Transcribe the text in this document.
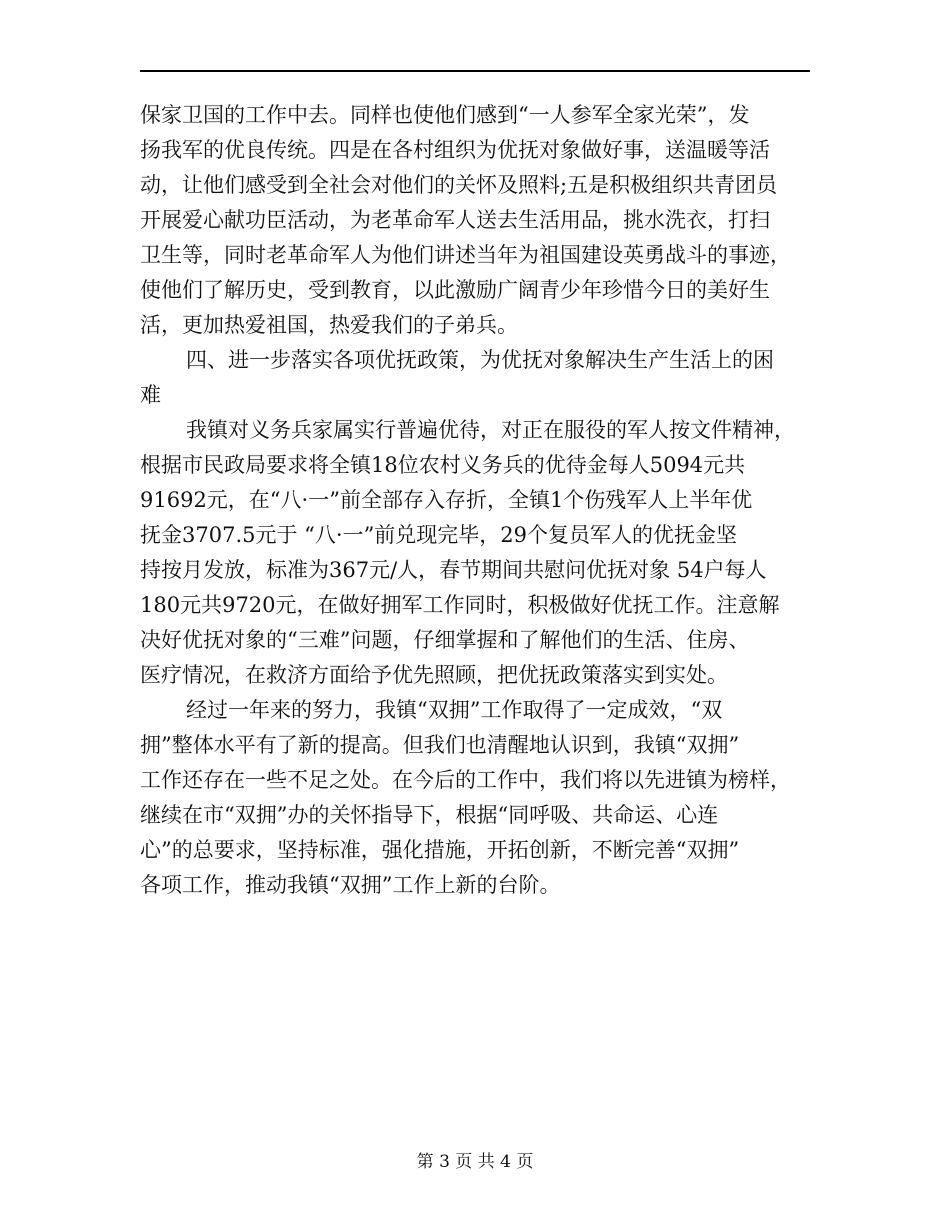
保家卫国的工作中去。同样也使他们感到“一人参军全家光荣”，发
扬我军的优良传统。四是在各村组织为优抚对象做好事，送温暖等活
动，让他们感受到全社会对他们的关怀及照料;五是积极组织共青团员
开展爱心献功臣活动，为老革命军人送去生活用品，挑水洗衣，打扫
卫生等，同时老革命军人为他们讲述当年为祖国建设英勇战斗的事迹，
使他们了解历史，受到教育，以此激励广阔青少年珍惜今日的美好生
活，更加热爱祖国，热爱我们的子弟兵。
四、进一步落实各项优抚政策，为优抚对象解决生产生活上的困
难
我镇对义务兵家属实行普遍优待，对正在服役的军人按文件精神，
根据市民政局要求将全镇18位农村义务兵的优待金每人5094元共
91692元，在“八·一”前全部存入存折，全镇1个伤残军人上半年优
抚金3707.5元于 “八·一”前兑现完毕，29个复员军人的优抚金坚
持按月发放，标准为367元/人，春节期间共慰问优抚对象 54户每人
180元共9720元，在做好拥军工作同时，积极做好优抚工作。注意解
决好优抚对象的“三难”问题，仔细掌握和了解他们的生活、住房、
医疗情况，在救济方面给予优先照顾，把优抚政策落实到实处。
经过一年来的努力，我镇“双拥”工作取得了一定成效，“双
拥”整体水平有了新的提高。但我们也清醒地认识到，我镇“双拥”
工作还存在一些不足之处。在今后的工作中，我们将以先进镇为榜样，
继续在市“双拥”办的关怀指导下，根据“同呼吸、共命运、心连
心”的总要求，坚持标准，强化措施，开拓创新，不断完善“双拥”
各项工作，推动我镇“双拥”工作上新的台阶。
第 3 页 共 4 页
